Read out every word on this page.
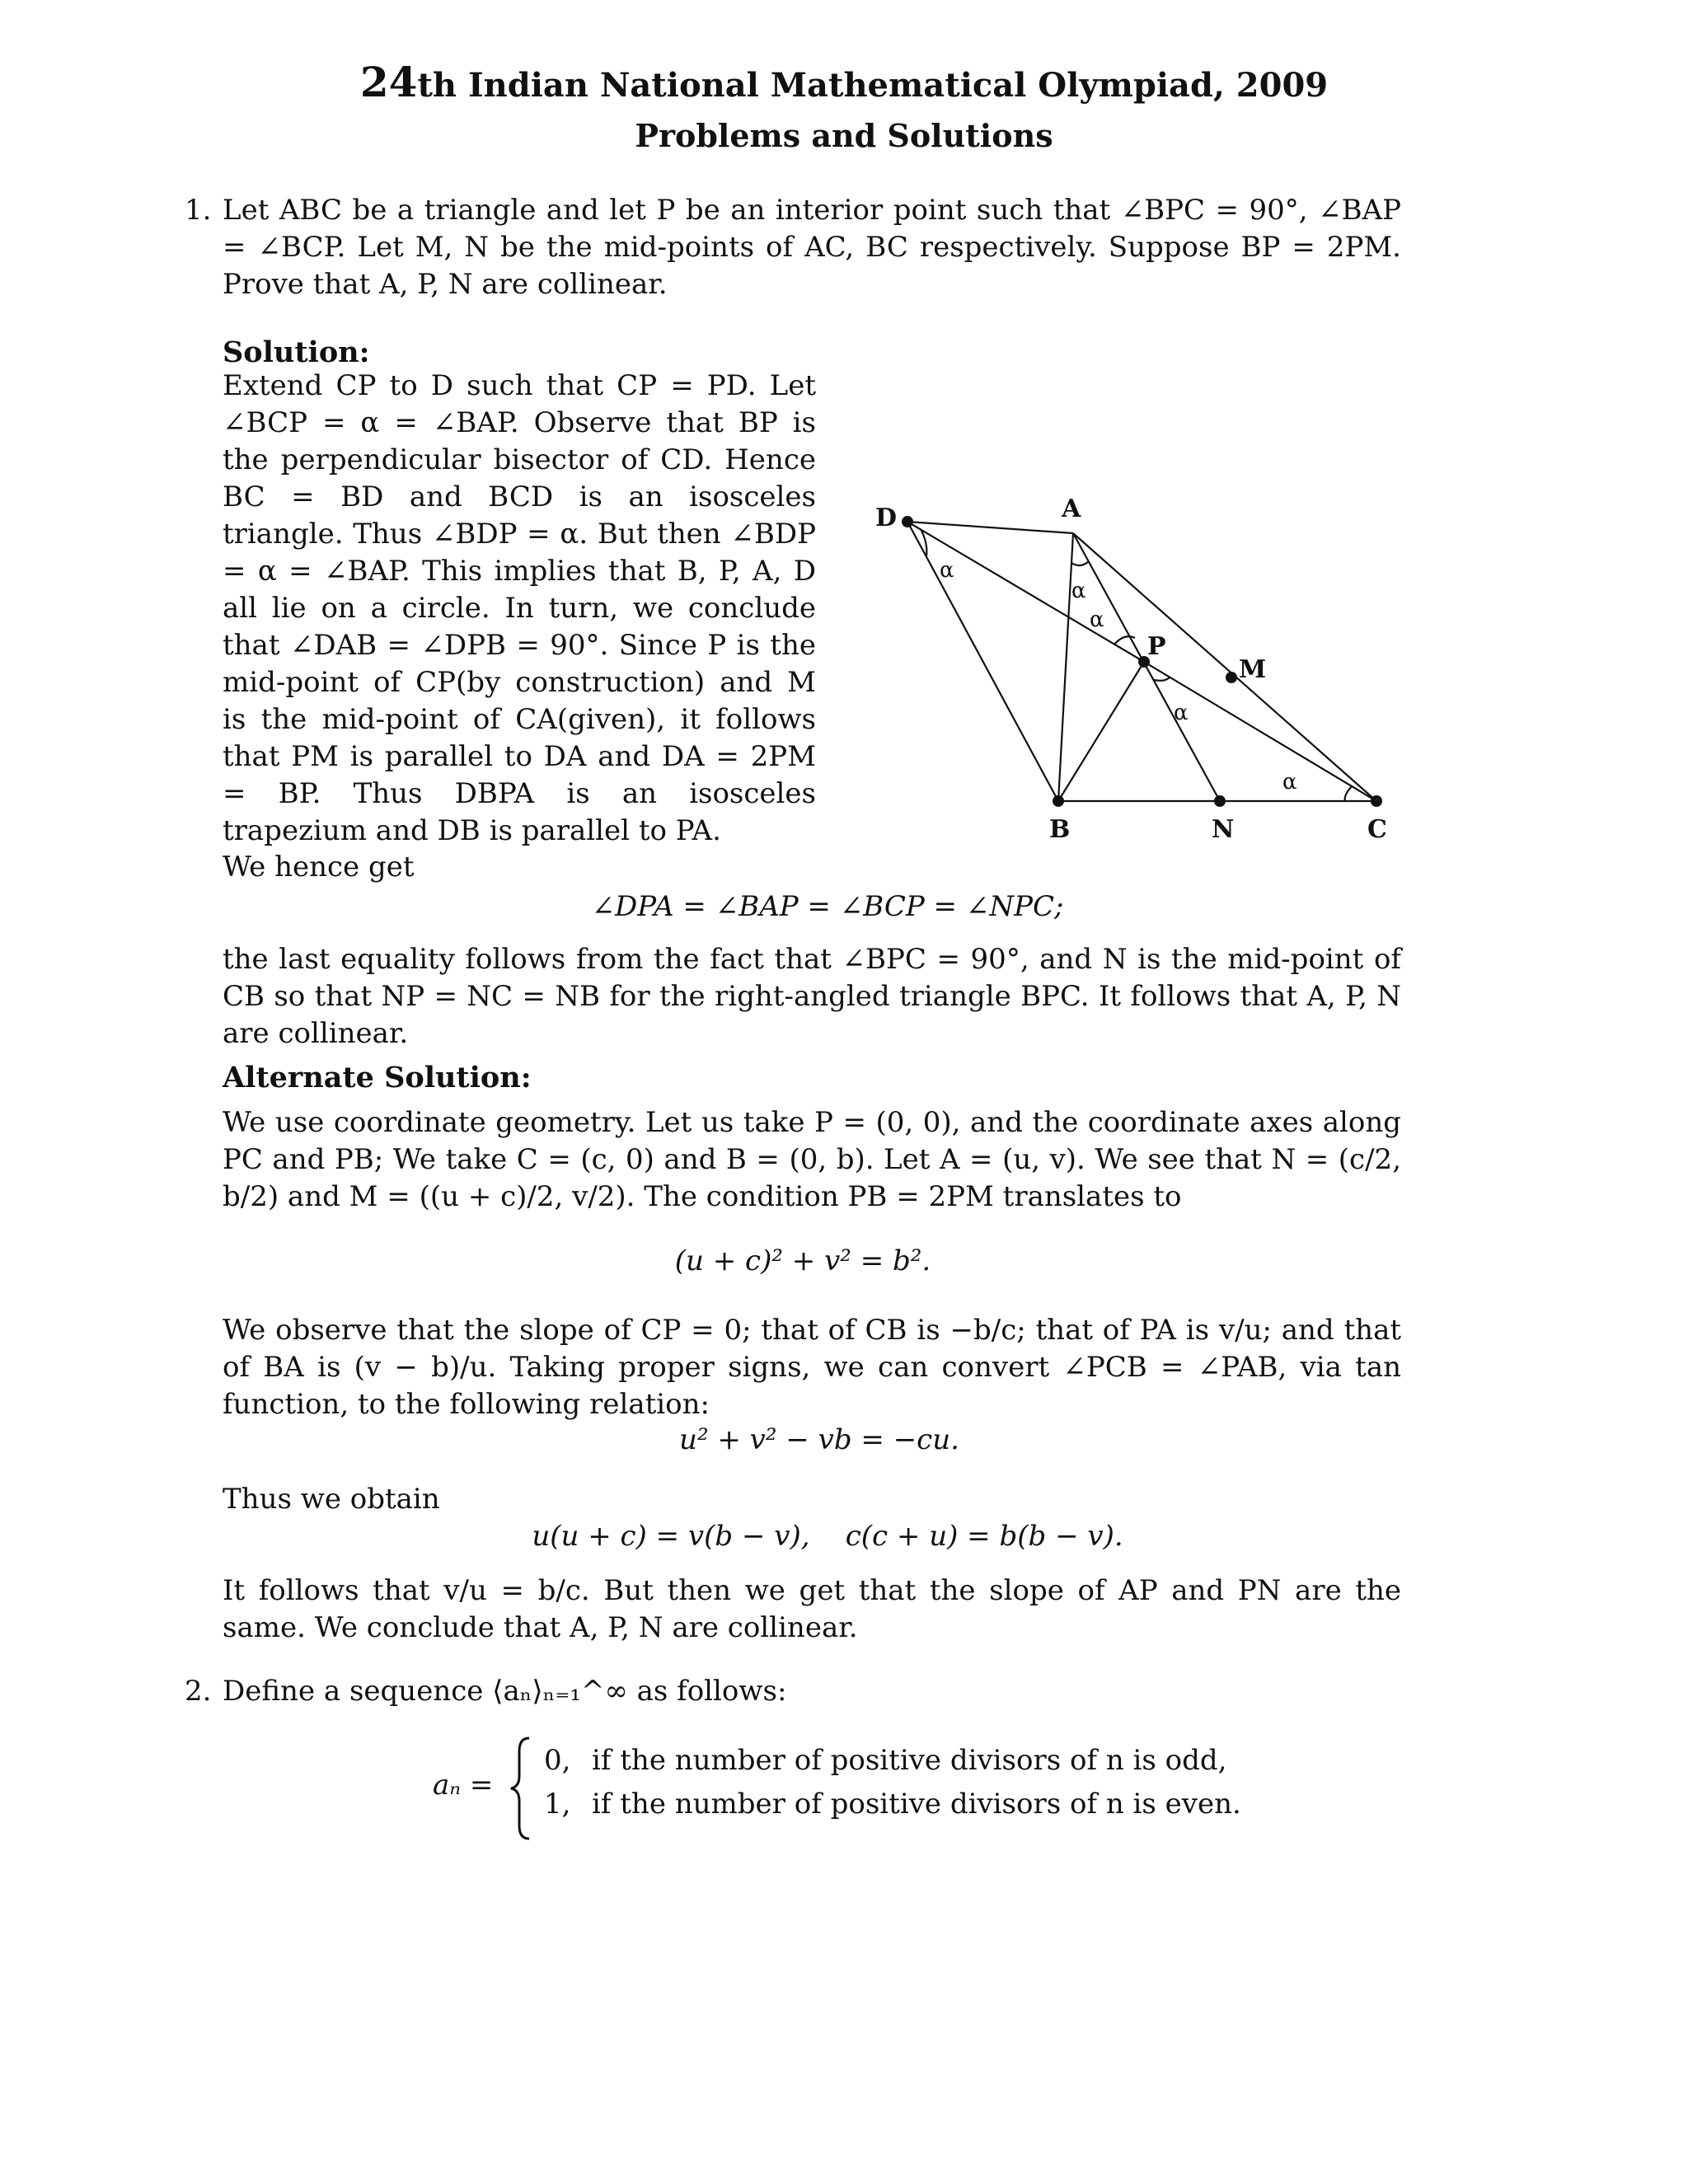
24th Indian National Mathematical Olympiad, 2009
Problems and Solutions
1. Let ABC be a triangle and let P be an interior point such that ∠BPC = 90°, ∠BAP = ∠BCP. Let M, N be the mid-points of AC, BC respectively. Suppose BP = 2PM. Prove that A, P, N are collinear.
Solution:
Extend CP to D such that CP = PD. Let ∠BCP = α = ∠BAP. Observe that BP is the perpendicular bisector of CD. Hence BC = BD and BCD is an isosceles triangle. Thus ∠BDP = α. But then ∠BDP = α = ∠BAP. This implies that B, P, A, D all lie on a circle. In turn, we conclude that ∠DAB = ∠DPB = 90°. Since P is the mid-point of CP(by construction) and M is the mid-point of CA(given), it follows that PM is parallel to DA and DA = 2PM = BP. Thus DBPA is an isosceles trapezium and DB is parallel to PA.
We hence get
D	A
P
M
B	N	C
α
α
α
α
α
∠DPA = ∠BAP = ∠BCP = ∠NPC;
the last equality follows from the fact that ∠BPC = 90°, and N is the mid-point of CB so that NP = NC = NB for the right-angled triangle BPC. It follows that A, P, N are collinear.
Alternate Solution:
We use coordinate geometry. Let us take P = (0, 0), and the coordinate axes along PC and PB; We take C = (c, 0) and B = (0, b). Let A = (u, v). We see that N = (c/2, b/2) and M = ((u + c)/2, v/2). The condition PB = 2PM translates to
(u + c)² + v² = b².
We observe that the slope of CP = 0; that of CB is −b/c; that of PA is v/u; and that of BA is (v − b)/u. Taking proper signs, we can convert ∠PCB = ∠PAB, via tan function, to the following relation:
u² + v² − vb = −cu.
Thus we obtain
u(u + c) = v(b − v),    c(c + u) = b(b − v).
It follows that v/u = b/c. But then we get that the slope of AP and PN are the same. We conclude that A, P, N are collinear.
2. Define a sequence ⟨aₙ⟩ₙ₌₁^∞ as follows:
aₙ =
0, if the number of positive divisors of n is odd,
1, if the number of positive divisors of n is even.
